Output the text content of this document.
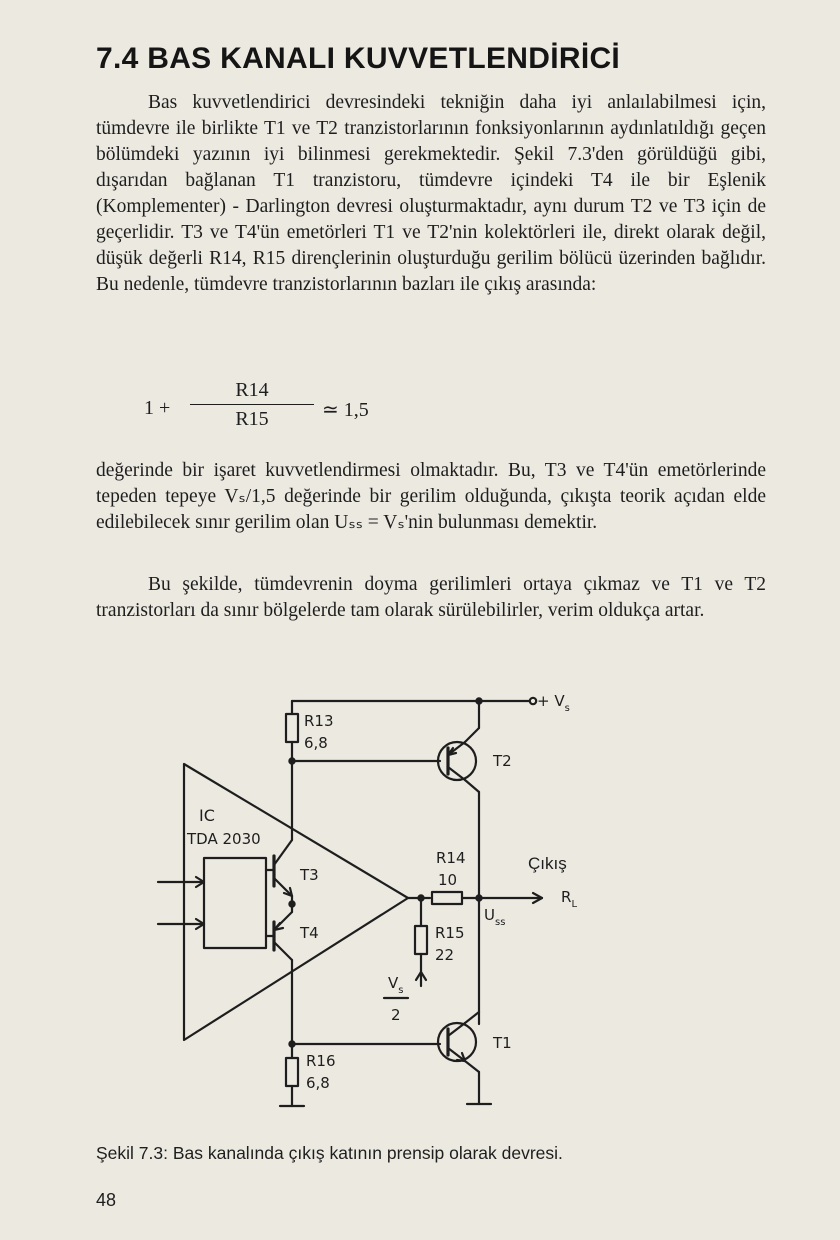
7.4 BAS KANALI KUVVETLENDİRİCİ

Bas kuvvetlendirici devresindeki tekniğin daha iyi anlaılabilmesi için, tümdevre ile birlikte T1 ve T2 tranzistorlarının fonksiyonlarının aydınlatıldığı geçen bölümdeki yazının iyi bilinmesi gerekmektedir. Şekil 7.3'den görüldüğü gibi, dışarıdan bağlanan T1 tranzistoru, tümdevre içindeki T4 ile bir Eşlenik (Komplementer) - Darlington devresi oluşturmaktadır, aynı durum T2 ve T3 için de geçerlidir. T3 ve T4'ün emetörleri T1 ve T2'nin kolektörleri ile, direkt olarak değil, düşük değerli R14, R15 dirençlerinin oluşturduğu gerilim bölücü üzerinden bağlıdır. Bu nedenle, tümdevre tranzistorlarının bazları ile çıkış arasında:

1 +
R14
R15	≃ 1,5

değerinde bir işaret kuvvetlendirmesi olmaktadır. Bu, T3 ve T4'ün emetörlerinde tepeden tepeye Vₛ/1,5 değerinde bir gerilim olduğunda, çıkışta teorik açıdan elde edilebilecek sınır gerilim olan Uₛₛ = Vₛ'nin bulunması demektir.

Bu şekilde, tümdevrenin doyma gerilimleri ortaya çıkmaz ve T1 ve T2 tranzistorları da sınır bölgelerde tam olarak sürülebilirler, verim oldukça artar.

IC
TDA 2030
T3
T4
R13
6,8
+ $V_s$
T2
R14
10
Çıkış
$R_L$
$U_{ss}$
R15
22
$V_s$
2
T1
R16
6,8

Şekil 7.3: Bas kanalında çıkış katının prensip olarak devresi.

48
